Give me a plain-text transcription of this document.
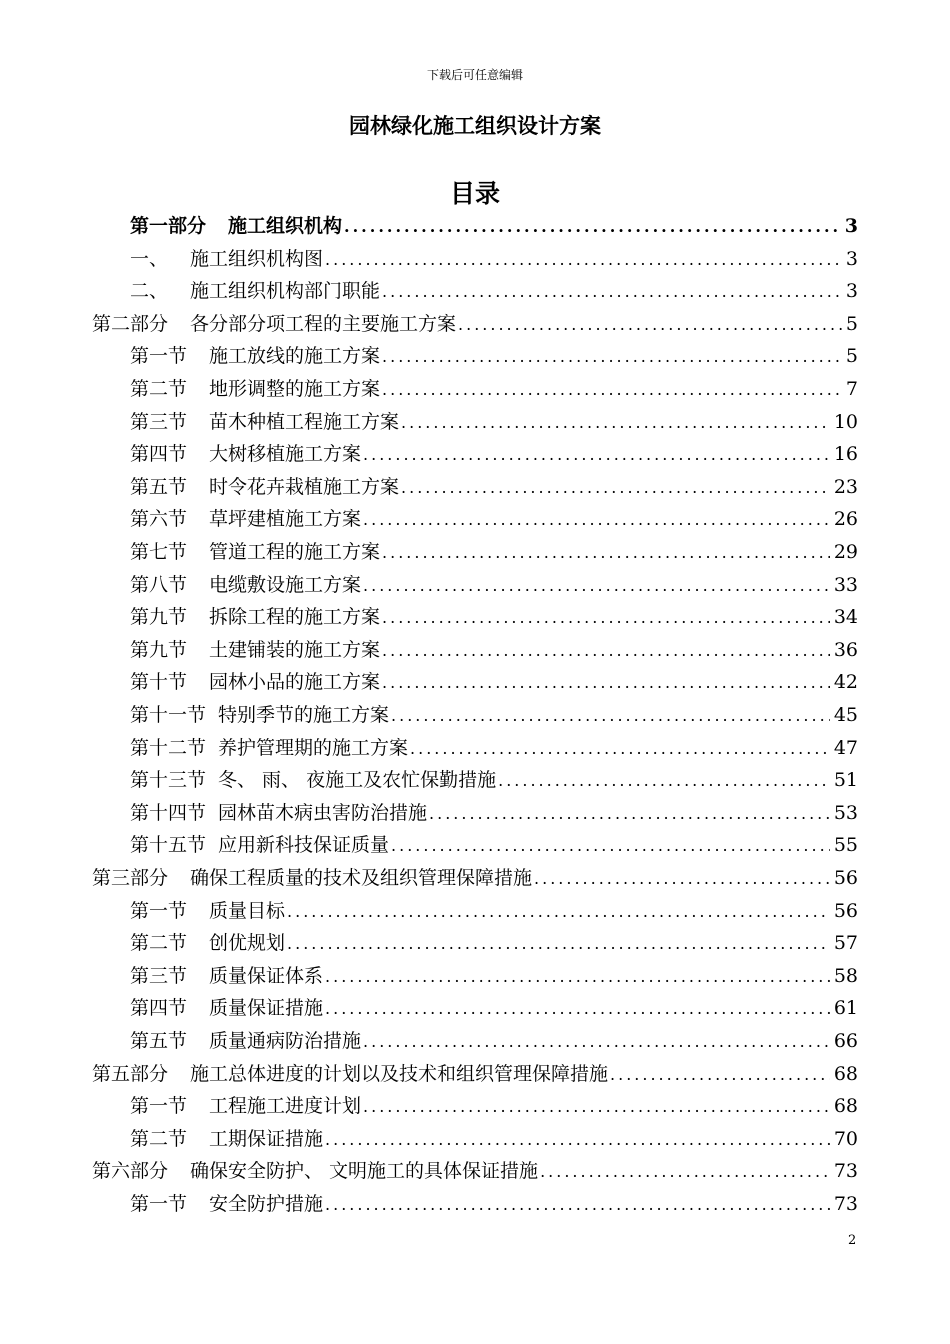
下载后可任意编辑
园林绿化施工组织设计方案
目录
第一部分 施工组织机构 .....	3
一、 施工组织机构图 .....	3
二、 施工组织机构部门职能 .....	3
第二部分 各分部分项工程的主要施工方案 .....	5
第一节 施工放线的施工方案 .....	5
第二节 地形调整的施工方案 .....	7
第三节 苗木种植工程施工方案 .....	10
第四节 大树移植施工方案 .....	16
第五节 时令花卉栽植施工方案 .....	23
第六节 草坪建植施工方案 .....	26
第七节 管道工程的施工方案 .....	29
第八节 电缆敷设施工方案 .....	33
第九节 拆除工程的施工方案 .....	34
第九节 土建铺装的施工方案 .....	36
第十节 园林小品的施工方案 .....	42
第十一节 特别季节的施工方案 .....	45
第十二节 养护管理期的施工方案 .....	47
第十三节 冬、 雨、 夜施工及农忙保勤措施 .....	51
第十四节 园林苗木病虫害防治措施 .....	53
第十五节 应用新科技保证质量 .....	55
第三部分 确保工程质量的技术及组织管理保障措施 .....	56
第一节 质量目标 .....	56
第二节 创优规划 .....	57
第三节 质量保证体系 .....	58
第四节 质量保证措施 .....	61
第五节 质量通病防治措施 .....	66
第五部分 施工总体进度的计划以及技术和组织管理保障措施 .....	68
第一节 工程施工进度计划 .....	68
第二节 工期保证措施 .....	70
第六部分 确保安全防护、 文明施工的具体保证措施 .....	73
第一节 安全防护措施 .....	73
2
